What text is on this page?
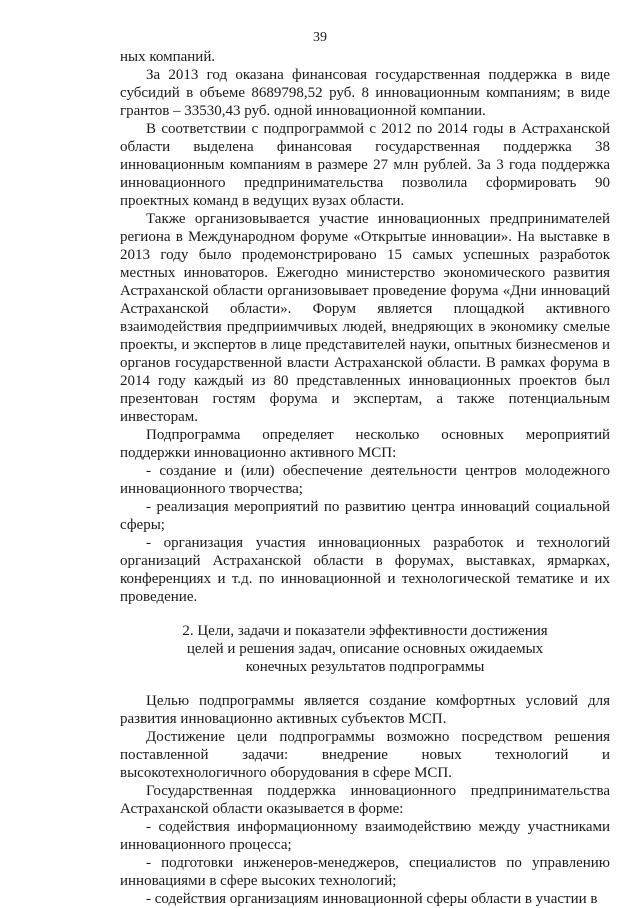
39

ных компаний.

За 2013 год оказана финансовая государственная поддержка в виде субсидий в объеме 8689798,52 руб. 8 инновационным компаниям; в виде грантов – 33530,43 руб. одной инновационной компании.

В соответствии с подпрограммой с 2012 по 2014 годы в Астраханской области выделена финансовая государственная поддержка 38 инновационным компаниям в размере 27 млн рублей. За 3 года поддержка инновационного предпринимательства позволила сформировать 90 проектных команд в ведущих вузах области.

Также организовывается участие инновационных предпринимателей региона в Международном форуме «Открытые инновации». На выставке в 2013 году было продемонстрировано 15 самых успешных разработок местных инноваторов. Ежегодно министерство экономического развития Астраханской области организовывает проведение форума «Дни инноваций Астраханской области». Форум является площадкой активного взаимодействия предприимчивых людей, внедряющих в экономику смелые проекты, и экспертов в лице представителей науки, опытных бизнесменов и органов государственной власти Астраханской области. В рамках форума в 2014 году каждый из 80 представленных инновационных проектов был презентован гостям форума и экспертам, а также потенциальным инвесторам.

Подпрограмма определяет несколько основных мероприятий поддержки инновационно активного МСП:

- создание и (или) обеспечение деятельности центров молодежного инновационного творчества;

- реализация мероприятий по развитию центра инноваций социальной сферы;

- организация участия инновационных разработок и технологий организаций Астраханской области в форумах, выставках, ярмарках, конференциях и т.д. по инновационной и технологической тематике и их проведение.

2. Цели, задачи и показатели эффективности достижения
целей и решения задач, описание основных ожидаемых
конечных результатов подпрограммы

Целью подпрограммы является создание комфортных условий для развития инновационно активных субъектов МСП.

Достижение цели подпрограммы возможно посредством решения поставленной задачи: внедрение новых технологий и высокотехнологичного оборудования в сфере МСП.

Государственная поддержка инновационного предпринимательства Астраханской области оказывается в форме:

- содействия информационному взаимодействию между участниками инновационного процесса;

- подготовки инженеров-менеджеров, специалистов по управлению инновациями в сфере высоких технологий;

- содействия организациям инновационной сферы области в участии в
